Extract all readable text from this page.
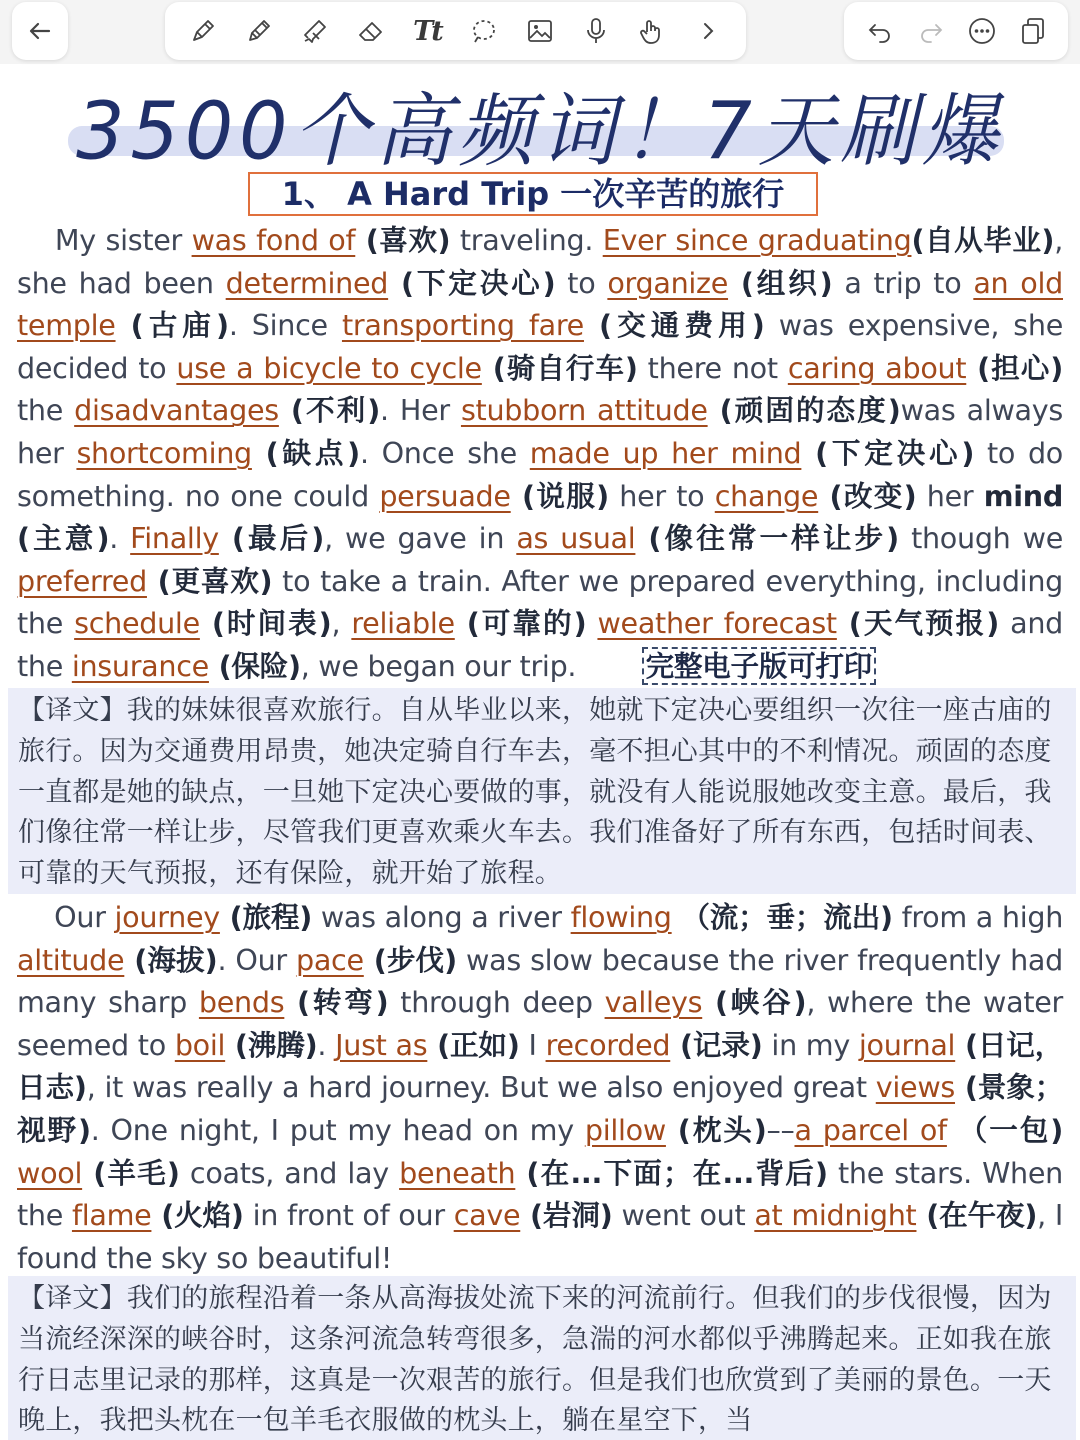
Tt
3500个高频词！7天刷爆
1、 A Hard Trip 一次辛苦的旅行
  My sister was fond of (喜欢) traveling. Ever since graduating(自从毕业), she had been determined (下定决心) to organize (组织) a trip to an old temple (古庙). Since transporting fare (交通费用) was expensive, she decided to use a bicycle to cycle (骑自行车) there not caring about (担心) the disadvantages (不利). Her stubborn attitude (顽固的态度)was always her shortcoming (缺点). Once she made up her mind (下定决心) to do something. no one could persuade (说服) her to change (改变) her mind (主意). Finally (最后), we gave in as usual (像往常一样让步) though we preferred (更喜欢) to take a train. After we prepared everything, including the schedule (时间表), reliable (可靠的) weather forecast (天气预报) and the insurance (保险), we began our trip.   完整电子版可打印
【译文】我的妹妹很喜欢旅行。自从毕业以来，她就下定决心要组织一次往一座古庙的旅行。因为交通费用昂贵，她决定骑自行车去，毫不担心其中的不利情况。顽固的态度一直都是她的缺点，一旦她下定决心要做的事，就没有人能说服她改变主意。最后，我们像往常一样让步，尽管我们更喜欢乘火车去。我们准备好了所有东西，包括时间表、可靠的天气预报，还有保险，就开始了旅程。
  Our journey (旅程) was along a river flowing （流；垂；流出) from a high altitude (海拔). Our pace (步伐) was slow because the river frequently had many sharp bends (转弯) through deep valleys (峡谷), where the water seemed to boil (沸腾). Just as (正如) I recorded (记录) in my journal (日记，日志), it was really a hard journey. But we also enjoyed great views (景象；视野). One night, I put my head on my pillow (枕头)––a parcel of （一包) wool (羊毛) coats, and lay beneath (在...下面；在...背后) the stars. When the flame (火焰) in front of our cave (岩洞) went out at midnight (在午夜), I found the sky so beautiful!
【译文】我们的旅程沿着一条从高海拔处流下来的河流前行。但我们的步伐很慢，因为当流经深深的峡谷时，这条河流急转弯很多，急湍的河水都似乎沸腾起来。正如我在旅行日志里记录的那样，这真是一次艰苦的旅行。但是我们也欣赏到了美丽的景色。一天晚上，我把头枕在一包羊毛衣服做的枕头上，躺在星空下，当
